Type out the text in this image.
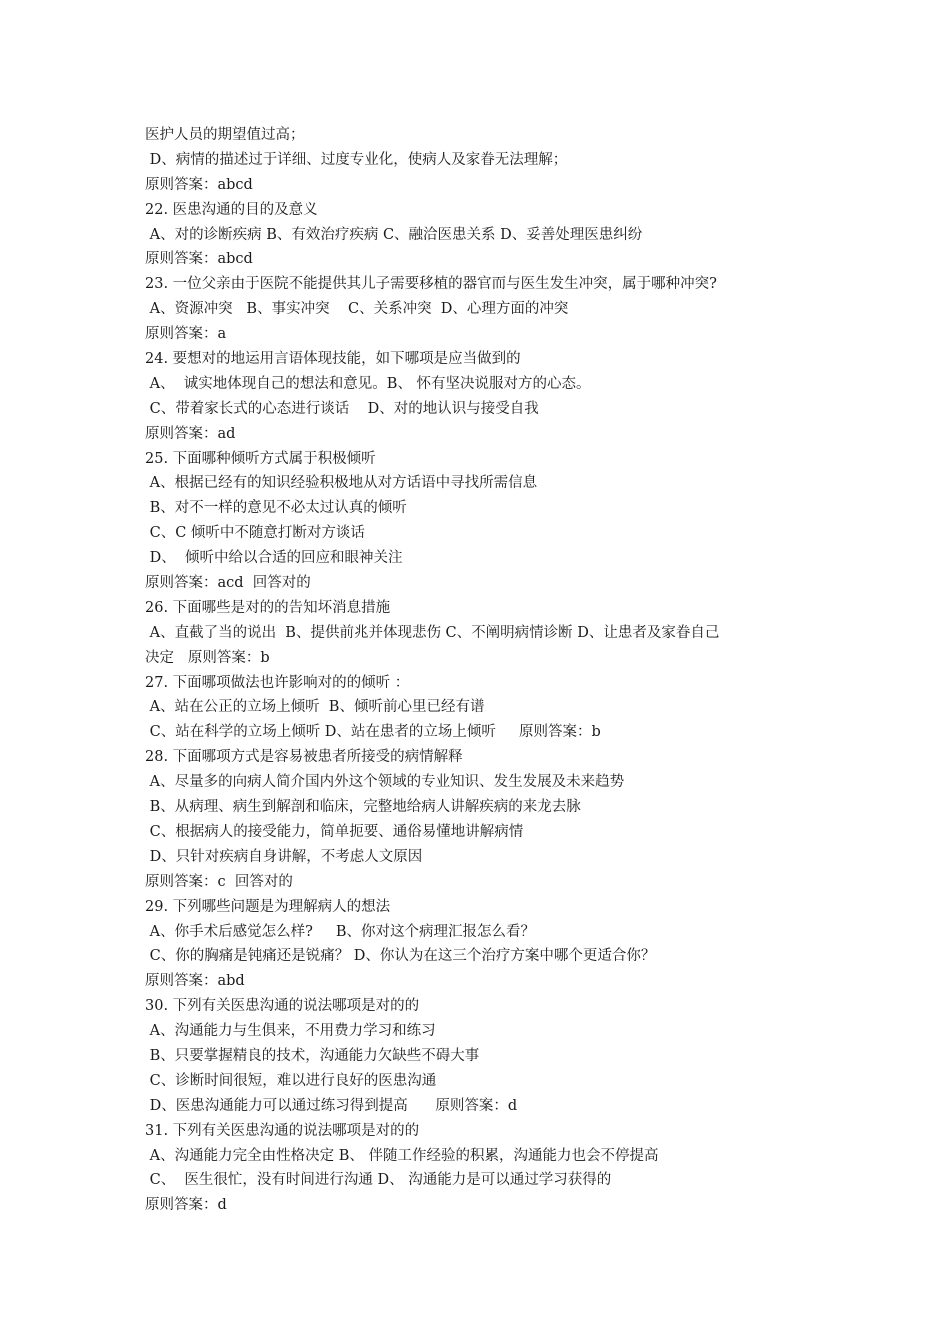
医护人员的期望值过高；
D、病情的描述过于详细、过度专业化，使病人及家眷无法理解；
原则答案：abcd
22. 医患沟通的目的及意义
A、对的诊断疾病 B、有效治疗疾病 C、融洽医患关系 D、妥善处理医患纠纷
原则答案：abcd
23. 一位父亲由于医院不能提供其儿子需要移植的器官而与医生发生冲突，属于哪种冲突?
A、资源冲突   B、事实冲突    C、关系冲突  D、心理方面的冲突
原则答案：a
24. 要想对的地运用言语体现技能，如下哪项是应当做到的
A、  诚实地体现自己的想法和意见。B、 怀有坚决说服对方的心态。
C、带着家长式的心态进行谈话    D、对的地认识与接受自我
原则答案：ad
25. 下面哪种倾听方式属于积极倾听
A、根据已经有的知识经验积极地从对方话语中寻找所需信息
B、对不一样的意见不必太过认真的倾听
C、C 倾听中不随意打断对方谈话
D、  倾听中给以合适的回应和眼神关注
原则答案：acd  回答对的
26. 下面哪些是对的的告知坏消息措施
A、直截了当的说出  B、提供前兆并体现悲伤 C、不阐明病情诊断 D、让患者及家眷自己
决定   原则答案：b
27. 下面哪项做法也许影响对的的倾听 ：
A、站在公正的立场上倾听  B、倾听前心里已经有谱
C、站在科学的立场上倾听 D、站在患者的立场上倾听     原则答案：b
28. 下面哪项方式是容易被患者所接受的病情解释
A、尽量多的向病人简介国内外这个领域的专业知识、发生发展及未来趋势
B、从病理、病生到解剖和临床，完整地给病人讲解疾病的来龙去脉
C、根据病人的接受能力，简单扼要、通俗易懂地讲解病情
D、只针对疾病自身讲解，不考虑人文原因
原则答案：c  回答对的
29. 下列哪些问题是为理解病人的想法
A、你手术后感觉怎么样?     B、你对这个病理汇报怎么看？
C、你的胸痛是钝痛还是锐痛？ D、你认为在这三个治疗方案中哪个更适合你？
原则答案：abd
30. 下列有关医患沟通的说法哪项是对的的
A、沟通能力与生俱来，不用费力学习和练习
B、只要掌握精良的技术，沟通能力欠缺些不碍大事
C、诊断时间很短，难以进行良好的医患沟通
D、医患沟通能力可以通过练习得到提高      原则答案：d
31. 下列有关医患沟通的说法哪项是对的的
A、沟通能力完全由性格决定 B、 伴随工作经验的积累，沟通能力也会不停提高
C、  医生很忙，没有时间进行沟通 D、 沟通能力是可以通过学习获得的
原则答案：d
